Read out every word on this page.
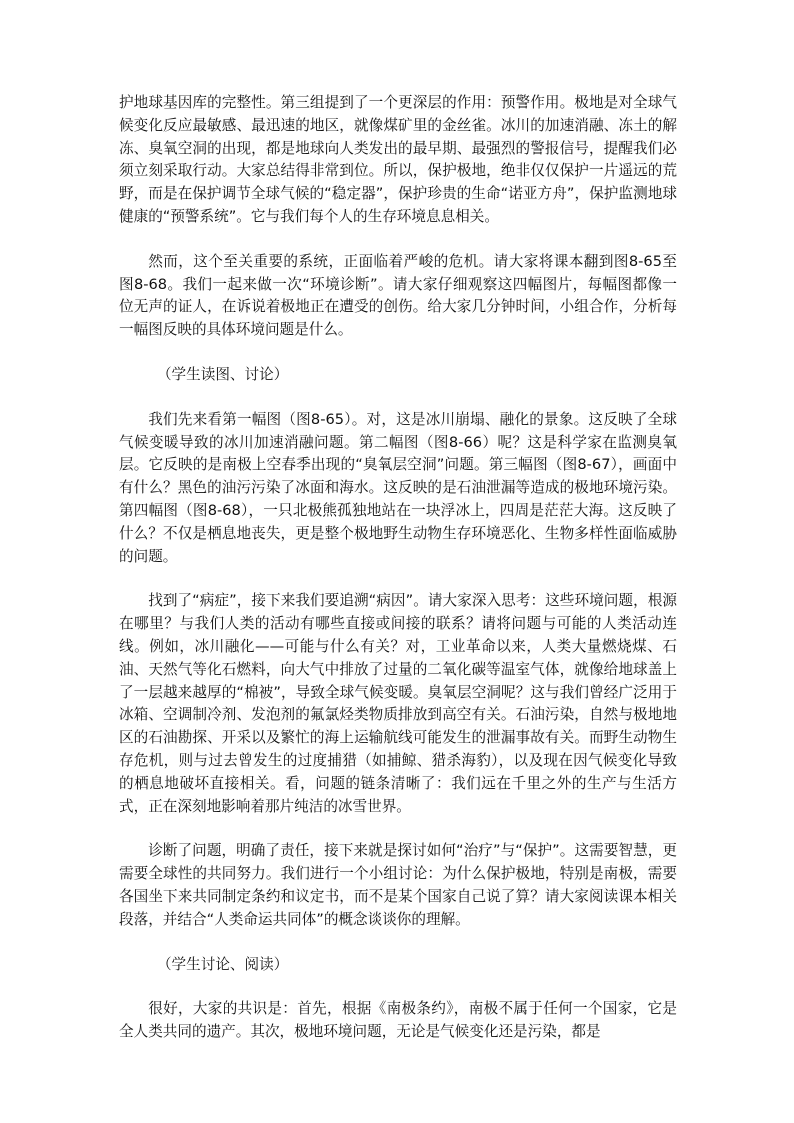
护地球基因库的完整性。第三组提到了一个更深层的作用：预警作用。极地是对全球气候变化反应最敏感、最迅速的地区，就像煤矿里的金丝雀。冰川的加速消融、冻土的解冻、臭氧空洞的出现，都是地球向人类发出的最早期、最强烈的警报信号，提醒我们必须立刻采取行动。大家总结得非常到位。所以，保护极地，绝非仅仅保护一片遥远的荒野，而是在保护调节全球气候的“稳定器”，保护珍贵的生命“诺亚方舟”，保护监测地球健康的“预警系统”。它与我们每个人的生存环境息息相关。

然而，这个至关重要的系统，正面临着严峻的危机。请大家将课本翻到图8-65至图8-68。我们一起来做一次“环境诊断”。请大家仔细观察这四幅图片，每幅图都像一位无声的证人，在诉说着极地正在遭受的创伤。给大家几分钟时间，小组合作，分析每一幅图反映的具体环境问题是什么。

（学生读图、讨论）

我们先来看第一幅图（图8-65）。对，这是冰川崩塌、融化的景象。这反映了全球气候变暖导致的冰川加速消融问题。第二幅图（图8-66）呢？这是科学家在监测臭氧层。它反映的是南极上空春季出现的“臭氧层空洞”问题。第三幅图（图8-67），画面中有什么？黑色的油污污染了冰面和海水。这反映的是石油泄漏等造成的极地环境污染。第四幅图（图8-68），一只北极熊孤独地站在一块浮冰上，四周是茫茫大海。这反映了什么？不仅是栖息地丧失，更是整个极地野生动物生存环境恶化、生物多样性面临威胁的问题。

找到了“病症”，接下来我们要追溯“病因”。请大家深入思考：这些环境问题，根源在哪里？与我们人类的活动有哪些直接或间接的联系？请将问题与可能的人类活动连线。例如，冰川融化——可能与什么有关？对，工业革命以来，人类大量燃烧煤、石油、天然气等化石燃料，向大气中排放了过量的二氧化碳等温室气体，就像给地球盖上了一层越来越厚的“棉被”，导致全球气候变暖。臭氧层空洞呢？这与我们曾经广泛用于冰箱、空调制冷剂、发泡剂的氟氯烃类物质排放到高空有关。石油污染，自然与极地地区的石油勘探、开采以及繁忙的海上运输航线可能发生的泄漏事故有关。而野生动物生存危机，则与过去曾发生的过度捕猎（如捕鲸、猎杀海豹），以及现在因气候变化导致的栖息地破坏直接相关。看，问题的链条清晰了：我们远在千里之外的生产与生活方式，正在深刻地影响着那片纯洁的冰雪世界。

诊断了问题，明确了责任，接下来就是探讨如何“治疗”与“保护”。这需要智慧，更需要全球性的共同努力。我们进行一个小组讨论：为什么保护极地，特别是南极，需要各国坐下来共同制定条约和议定书，而不是某个国家自己说了算？请大家阅读课本相关段落，并结合“人类命运共同体”的概念谈谈你的理解。

（学生讨论、阅读）

很好，大家的共识是：首先，根据《南极条约》，南极不属于任何一个国家，它是全人类共同的遗产。其次，极地环境问题，无论是气候变化还是污染，都是
